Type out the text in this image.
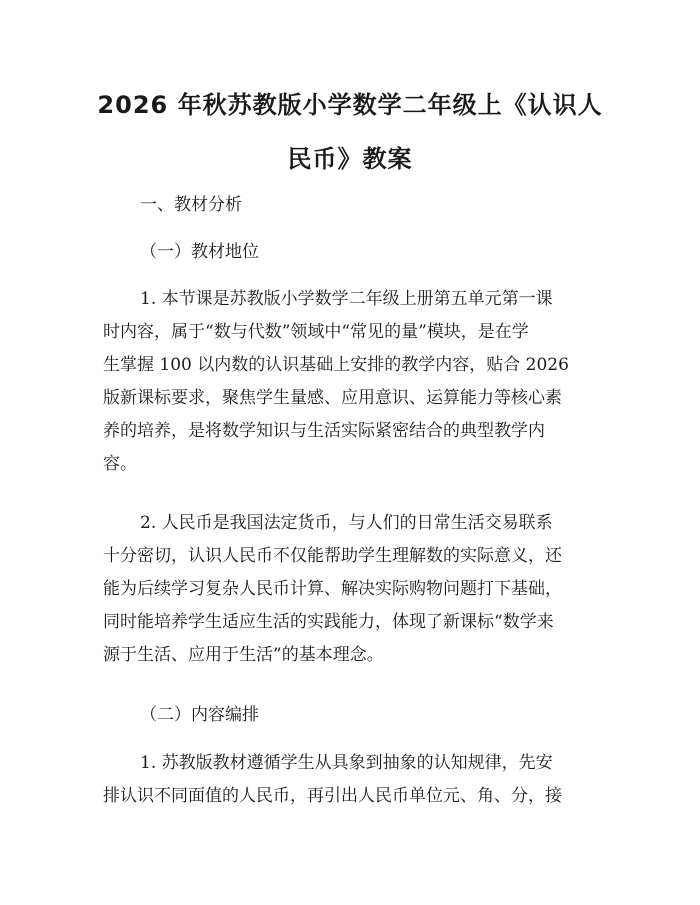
2026 年秋苏教版小学数学二年级上《认识人
民币》教案

一、教材分析

（一）教材地位

1. 本节课是苏教版小学数学二年级上册第五单元第一课
时内容，属于“数与代数”领域中“常见的量”模块，是在学
生掌握 100 以内数的认识基础上安排的教学内容，贴合 2026
版新课标要求，聚焦学生量感、应用意识、运算能力等核心素
养的培养，是将数学知识与生活实际紧密结合的典型教学内
容。
2. 人民币是我国法定货币，与人们的日常生活交易联系
十分密切，认识人民币不仅能帮助学生理解数的实际意义，还
能为后续学习复杂人民币计算、解决实际购物问题打下基础，
同时能培养学生适应生活的实践能力，体现了新课标“数学来
源于生活、应用于生活”的基本理念。

（二）内容编排

1. 苏教版教材遵循学生从具象到抽象的认知规律，先安
排认识不同面值的人民币，再引出人民币单位元、角、分，接
